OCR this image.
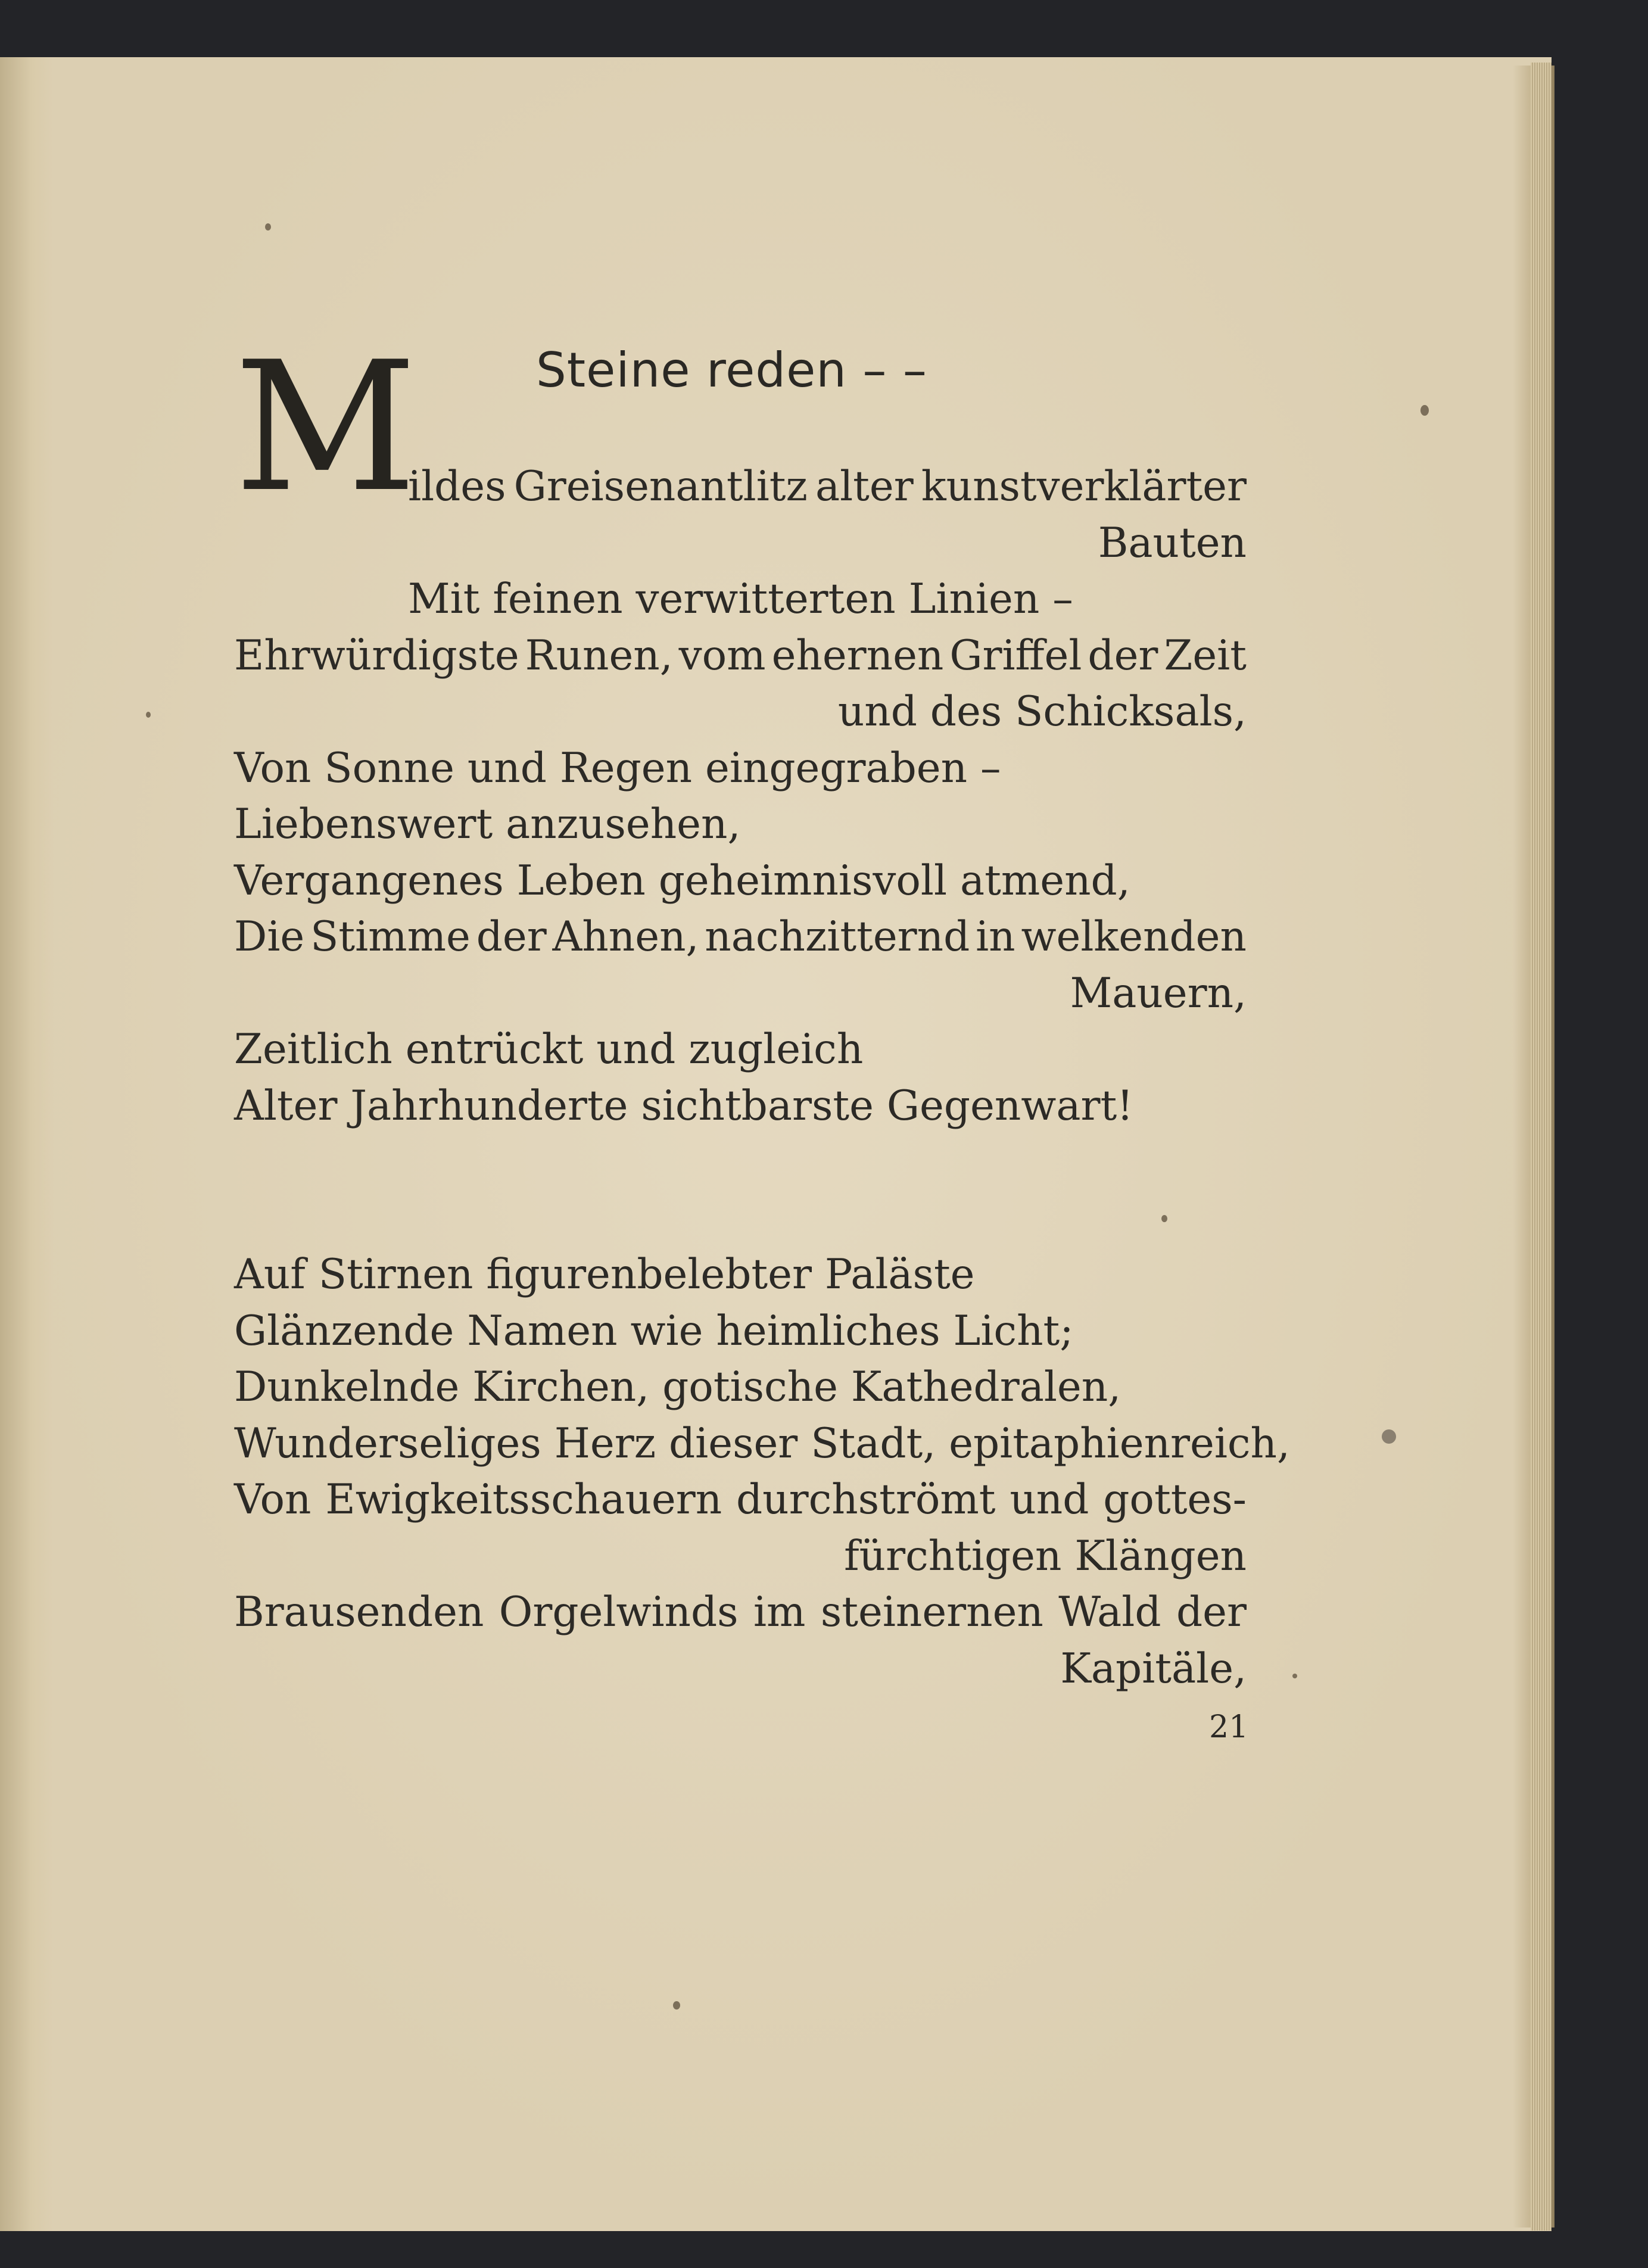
Steine reden – –
M
ildes Greisenantlitz alter kunstverklärter
Bauten
Mit feinen verwitterten Linien –
Ehrwürdigste Runen, vom ehernen Griffel der Zeit
und des Schicksals,
Von Sonne und Regen eingegraben –
Liebenswert anzusehen,
Vergangenes Leben geheimnisvoll atmend,
Die Stimme der Ahnen, nachzitternd in welkenden
Mauern,
Zeitlich entrückt und zugleich
Alter Jahrhunderte sichtbarste Gegenwart!
Auf Stirnen figurenbelebter Paläste
Glänzende Namen wie heimliches Licht;
Dunkelnde Kirchen, gotische Kathedralen,
Wunderseliges Herz dieser Stadt, epitaphienreich,
Von Ewigkeitsschauern durchströmt und gottes-
fürchtigen Klängen
Brausenden Orgelwinds im steinernen Wald der
Kapitäle,
21
